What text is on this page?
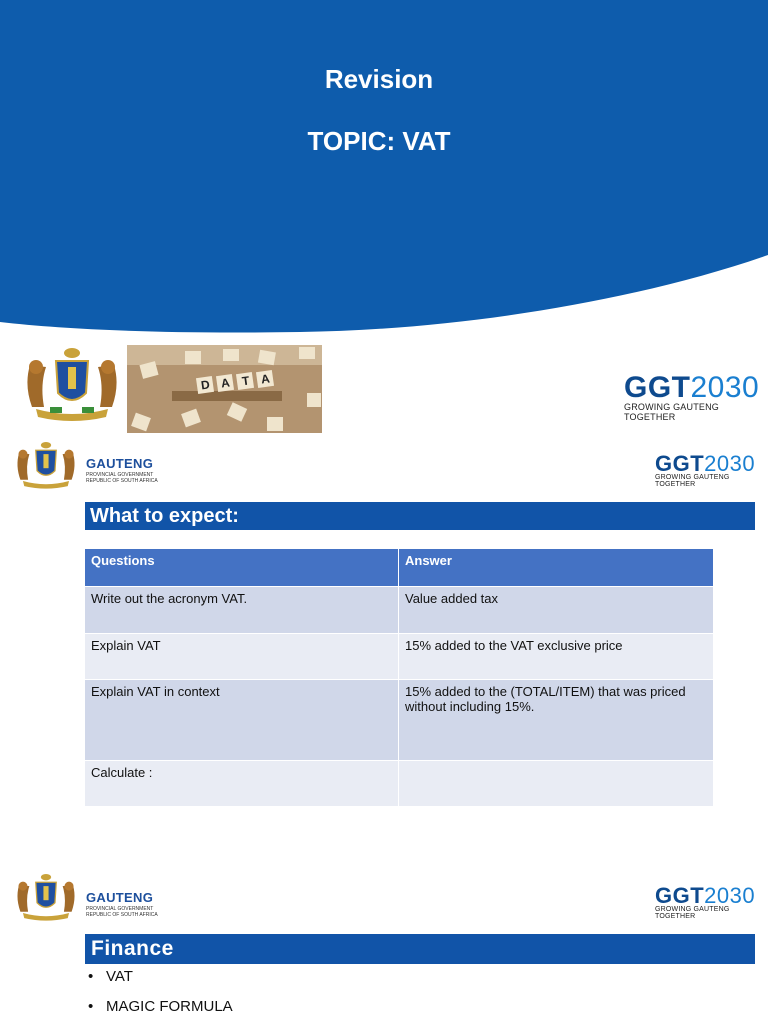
Revision
TOPIC: VAT
D A T A	GGT2030
GROWING GAUTENG TOGETHER
GAUTENG
PROVINCIAL GOVERNMENT
REPUBLIC OF SOUTH AFRICA
GGT2030
GROWING GAUTENG TOGETHER
What to expect:
Questions	Answer
Write out the acronym VAT.	Value added tax
Explain VAT	15% added to the VAT exclusive price
Explain VAT in context	15% added to the (TOTAL/ITEM) that was priced without including 15%.
Calculate :	
GAUTENG
PROVINCIAL GOVERNMENT
REPUBLIC OF SOUTH AFRICA
GGT2030
GROWING GAUTENG TOGETHER
Finance
• VAT
• MAGIC FORMULA
